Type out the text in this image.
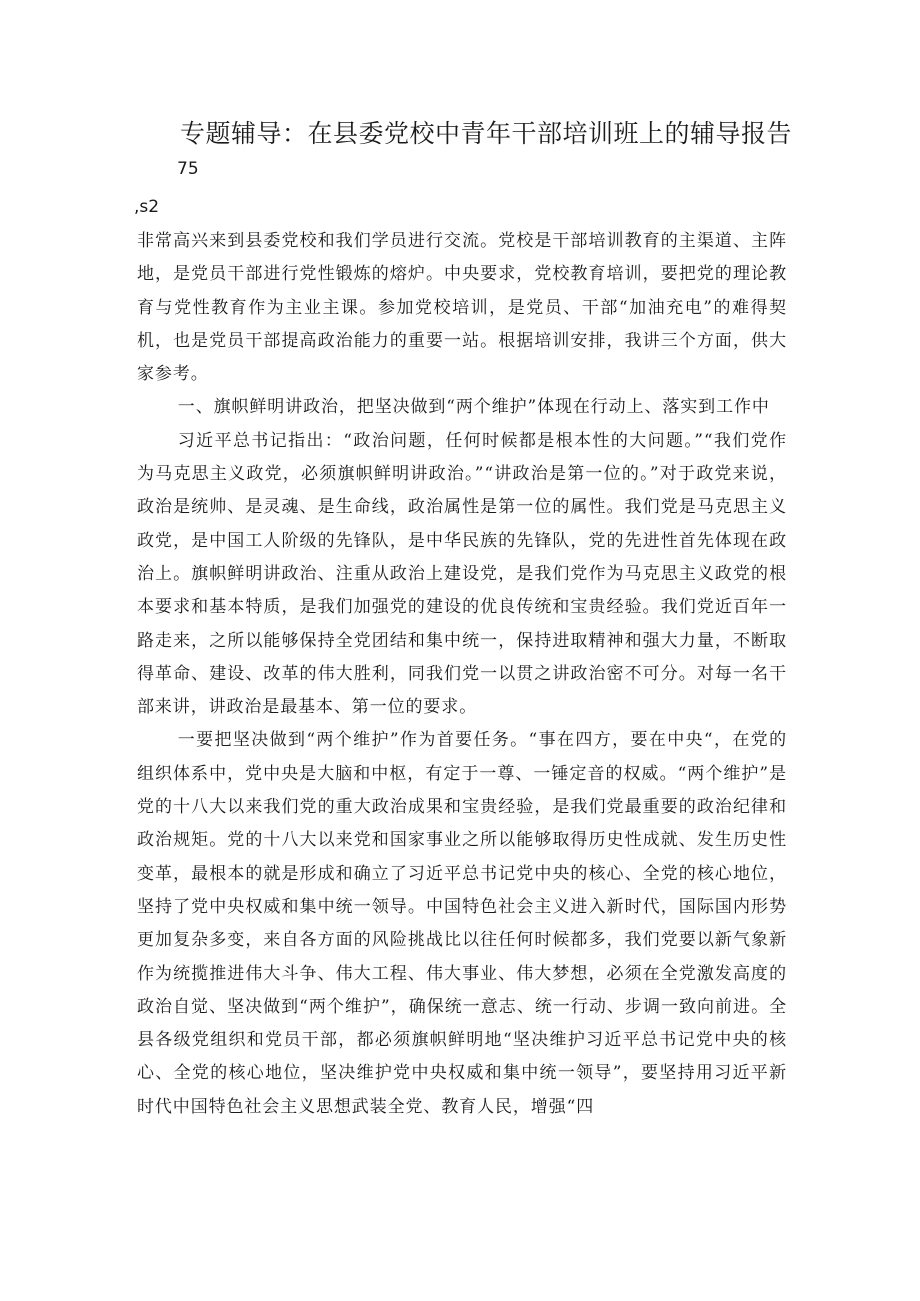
专题辅导：在县委党校中青年干部培训班上的辅导报告
75
,s2

非常高兴来到县委党校和我们学员进行交流。党校是干部培训教育的主渠道、主阵地，是党员干部进行党性锻炼的熔炉。中央要求，党校教育培训，要把党的理论教育与党性教育作为主业主课。参加党校培训，是党员、干部“加油充电”的难得契机，也是党员干部提高政治能力的重要一站。根据培训安排，我讲三个方面，供大家参考。

一、旗帜鲜明讲政治，把坚决做到“两个维护”体现在行动上、落实到工作中

习近平总书记指出：“政治问题，任何时候都是根本性的大问题。”“我们党作为马克思主义政党，必须旗帜鲜明讲政治。”“讲政治是第一位的。”对于政党来说，政治是统帅、是灵魂、是生命线，政治属性是第一位的属性。我们党是马克思主义政党，是中国工人阶级的先锋队，是中华民族的先锋队，党的先进性首先体现在政治上。旗帜鲜明讲政治、注重从政治上建设党，是我们党作为马克思主义政党的根本要求和基本特质，是我们加强党的建设的优良传统和宝贵经验。我们党近百年一路走来，之所以能够保持全党团结和集中统一，保持进取精神和强大力量，不断取得革命、建设、改革的伟大胜利，同我们党一以贯之讲政治密不可分。对每一名干部来讲，讲政治是最基本、第一位的要求。

一要把坚决做到“两个维护”作为首要任务。“事在四方，要在中央“，在党的组织体系中，党中央是大脑和中枢，有定于一尊、一锤定音的权威。“两个维护”是党的十八大以来我们党的重大政治成果和宝贵经验，是我们党最重要的政治纪律和政治规矩。党的十八大以来党和国家事业之所以能够取得历史性成就、发生历史性变革，最根本的就是形成和确立了习近平总书记党中央的核心、全党的核心地位，坚持了党中央权威和集中统一领导。中国特色社会主义进入新时代，国际国内形势更加复杂多变，来自各方面的风险挑战比以往任何时候都多，我们党要以新气象新作为统揽推进伟大斗争、伟大工程、伟大事业、伟大梦想，必须在全党激发高度的政治自觉、坚决做到“两个维护”，确保统一意志、统一行动、步调一致向前进。全县各级党组织和党员干部，都必须旗帜鲜明地“坚决维护习近平总书记党中央的核心、全党的核心地位，坚决维护党中央权威和集中统一领导”，要坚持用习近平新时代中国特色社会主义思想武装全党、教育人民，增强“四
